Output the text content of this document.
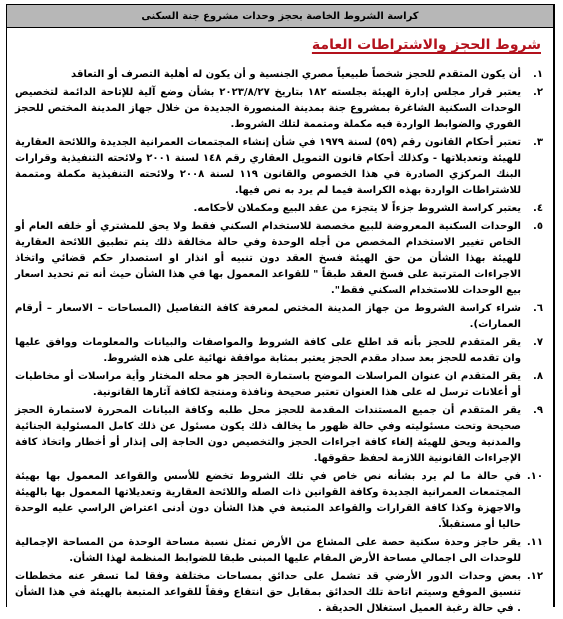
كراسة الشروط الخاصة بحجز وحدات مشروع جنة السكنى
شروط الحجز والاشتراطات العامة
١.
أن يكون المتقدم للحجز شخصاً طبيعياً مصري الجنسية و أن يكون له أهلية التصرف أو التعاقد
٢.
يعتبر قرار مجلس إدارة الهيئة بجلسته ١٨٢ بتاريخ ٢٠٢٣/٨/٢٧ بشأن وضع آلية للإتاحة الدائمة لتخصيص الوحدات السكنية الشاغرة بمشروع جنة بمدينة المنصورة الجديدة من خلال جهاز المدينة المختص للحجز الفوري والضوابط الواردة فيه مكملة ومتممة لتلك الشروط.
٣.
تعتبر أحكام القانون رقم (٥٩) لسنة ١٩٧٩ في شأن إنشاء المجتمعات العمرانية الجديدة واللائحة العقارية للهيئة وتعديلاتها - وكذلك أحكام قانون التمويل العقاري رقم ١٤٨ لسنة ٢٠٠١ ولائحته التنفيذية وقرارات البنك المركزي الصادرة في هذا الخصوص والقانون ١١٩ لسنة ٢٠٠٨ ولائحته التنفيذية مكملة ومتممة للاشتراطات الواردة بهذه الكراسة فيما لم يرد به نص فيها.
٤.
يعتبر كراسة الشروط جزءاً لا يتجزء من عقد البيع ومكملان لأحكامه.
٥.
الوحدات السكنية المعروضة للبيع مخصصة للاستخدام السكني فقط ولا يحق للمشتري أو خلفه العام أو الخاص تغيير الاستخدام المخصص من أجله الوحدة وفي حالة مخالفة ذلك يتم تطبيق اللائحة العقارية للهيئة بهذا الشأن من حق الهيئة فسخ العقد دون تنبيه أو انذار او استصدار حكم قضائي واتخاذ الاجراءات المترتبة على فسخ العقد طبقاً " للقواعد المعمول بها في هذا الشأن حيث أنه تم تحديد اسعار بيع الوحدات للاستخدام السكني فقط".
٦.
شراء كراسة الشروط من جهاز المدينة المختص لمعرفة كافة التفاصيل (المساحات – الاسعار – أرقام العمارات).
٧.
يقر المتقدم للحجز بأنه قد اطلع على كافة الشروط والمواصفات والبيانات والمعلومات ووافق عليها وان تقدمه للحجز بعد سداد مقدم الحجز يعتبر بمثابة موافقة نهائية على هذه الشروط.
٨.
يقر المتقدم ان عنوان المراسلات الموضح باستمارة الحجز هو محله المختار وأية مراسلات أو مخاطبات أو أعلانات ترسل له على هذا العنوان تعتبر صحيحة ونافذة ومنتجة لكافة آثارها القانونية.
٩.
يقر المتقدم أن جميع المستندات المقدمة للحجز محل طلبه وكافة البيانات المحررة لاستمارة الحجز صحيحة وتحت مسئوليته وفي حالة ظهور ما يخالف ذلك يكون مسئول عن ذلك كامل المسئولية الجنائية والمدنية ويحق للهيئة إلغاء كافة اجراءات الحجز والتخصيص دون الحاجة إلى إنذار أو أخطار واتخاذ كافة الإجراءات القانونية اللازمة لحفظ حقوقها.
١٠.
في حالة ما لم يرد بشأنه نص خاص في تلك الشروط تخضع للأسس والقواعد المعمول بها بهيئة المجتمعات العمرانية الجديدة وكافة القوانين ذات الصله واللائحة العقارية وتعديلاتها المعمول بها بالهيئة والاجهزة وكذا كافة القرارات والقواعد المتبعة في هذا الشأن دون أدنى اعتراض الراسي عليه الوحدة حاليا أو مستقبلاً.
١١.
يقر حاجز وحدة سكنية حصة على المشاع من الأرض تمثل نسبة مساحة الوحدة من المساحة الإجمالية للوحدات الى اجمالي مساحة الأرض المقام عليها المبنى طبقا للضوابط المنظمة لهذا الشأن.
١٢.
بعض وحدات الدور الأرضي قد تشمل على حدائق بمساحات مختلفة وفقا لما تسفر عنه مخططات تنسيق الموقع وسيتم اتاحة تلك الحدائق بمقابل حق انتفاع وفقاً للقواعد المتبعة بالهيئة في هذا الشأن . في حالة رغبة العميل استغلال الحديقة .
